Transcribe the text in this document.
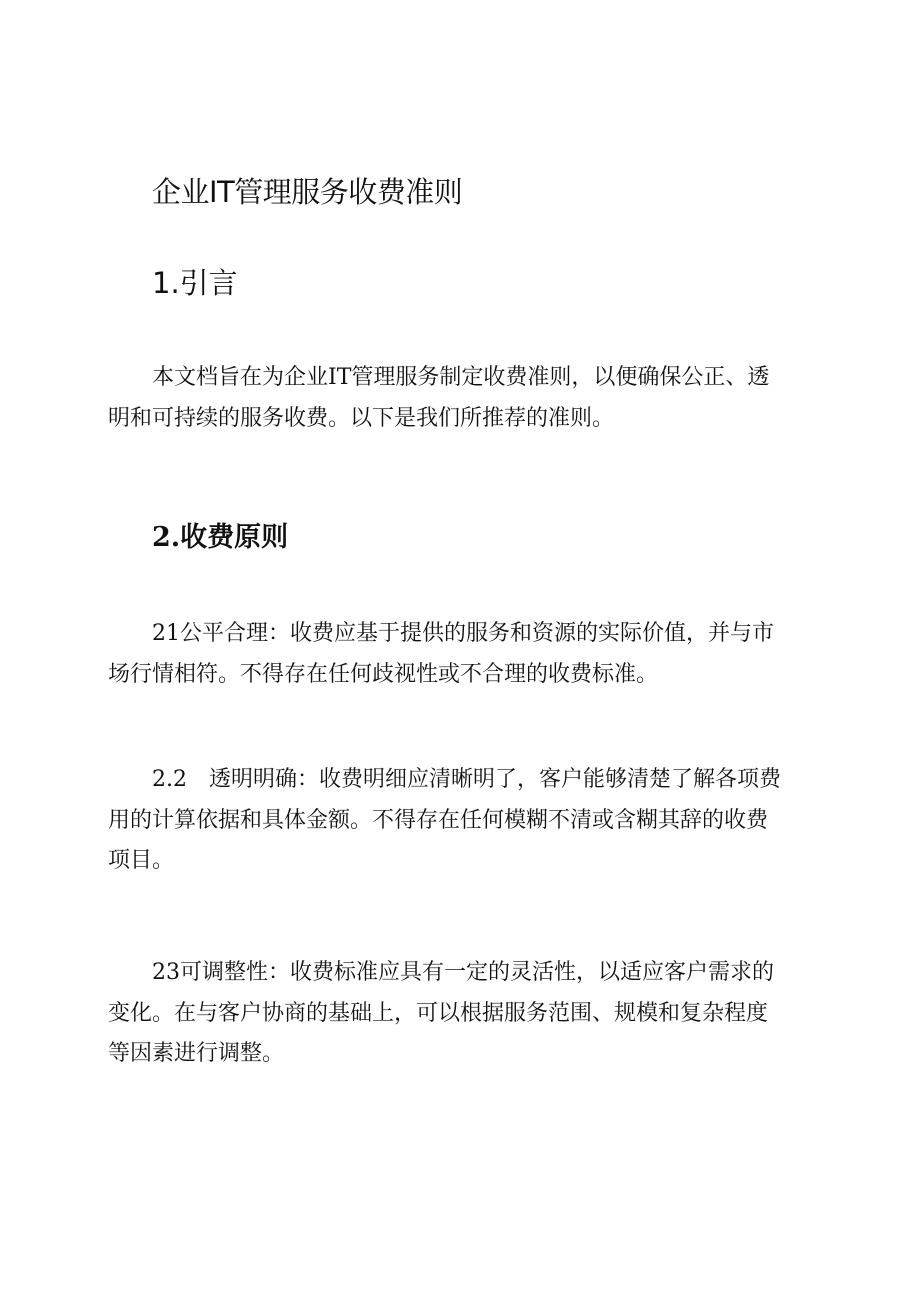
企业IT管理服务收费准则
1.引言

本文档旨在为企业IT管理服务制定收费准则，以便确保公正、透
明和可持续的服务收费。以下是我们所推荐的准则。

2.收费原则

21公平合理：收费应基于提供的服务和资源的实际价值，并与市
场行情相符。不得存在任何歧视性或不合理的收费标准。

2.2　透明明确：收费明细应清晰明了，客户能够清楚了解各项费
用的计算依据和具体金额。不得存在任何模糊不清或含糊其辞的收费
项目。

23可调整性：收费标准应具有一定的灵活性，以适应客户需求的
变化。在与客户协商的基础上，可以根据服务范围、规模和复杂程度
等因素进行调整。
